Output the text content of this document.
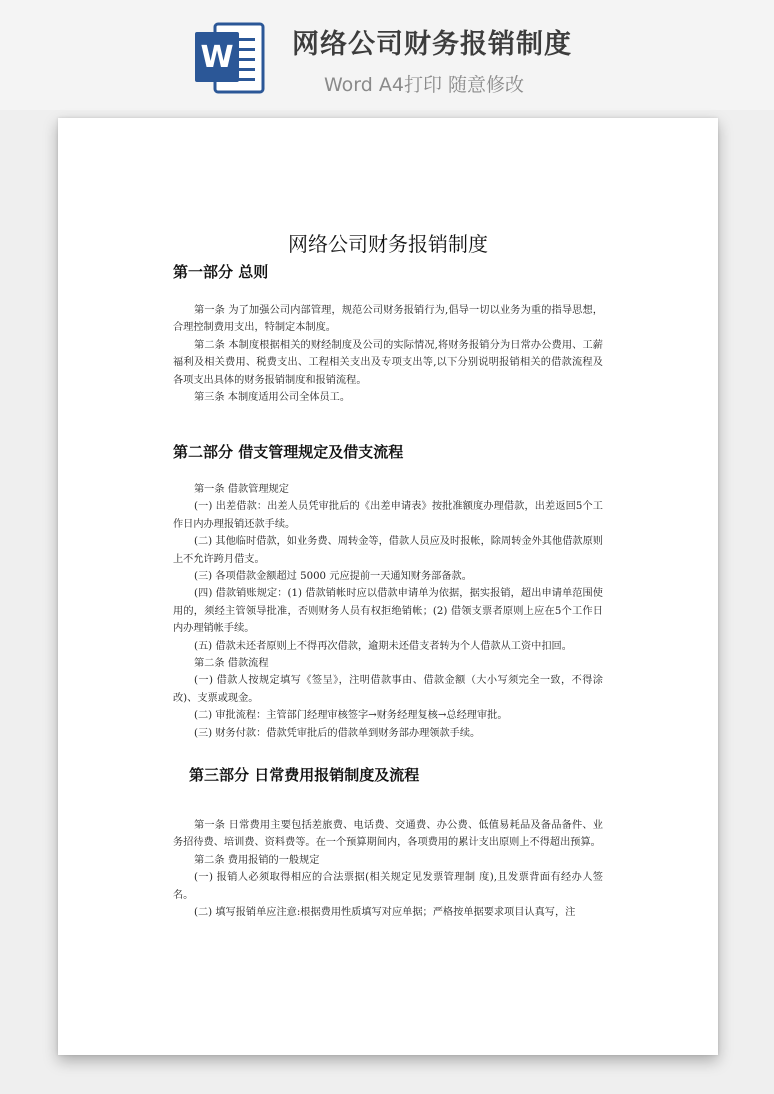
W 网络公司财务报销制度
Word A4打印 随意修改

网络公司财务报销制度
第一部分 总则

第一条 为了加强公司内部管理，规范公司财务报销行为,倡导一切以业务为重的指导思想，合理控制费用支出，特制定本制度。

第二条 本制度根据相关的财经制度及公司的实际情况,将财务报销分为日常办公费用、工薪福利及相关费用、税费支出、工程相关支出及专项支出等,以下分别说明报销相关的借款流程及各项支出具体的财务报销制度和报销流程。

第三条 本制度适用公司全体员工。

第二部分 借支管理规定及借支流程

第一条 借款管理规定

(一) 出差借款：出差人员凭审批后的《出差申请表》按批准额度办理借款，出差返回5个工作日内办理报销还款手续。

(二) 其他临时借款，如业务费、周转金等，借款人员应及时报帐，除周转金外其他借款原则上不允许跨月借支。

(三) 各项借款金额超过 5000 元应提前一天通知财务部备款。

(四) 借款销账规定：(1) 借款销帐时应以借款申请单为依据，据实报销，超出申请单范围使用的，须经主管领导批准，否则财务人员有权拒绝销帐；(2) 借领支票者原则上应在5个工作日内办理销帐手续。

(五) 借款未还者原则上不得再次借款，逾期未还借支者转为个人借款从工资中扣回。

第二条 借款流程

(一) 借款人按规定填写《签呈》，注明借款事由、借款金额（大小写须完全一致，不得涂改)、支票或现金。

(二) 审批流程：主管部门经理审核签字→财务经理复核→总经理审批。

(三) 财务付款：借款凭审批后的借款单到财务部办理领款手续。

第三部分 日常费用报销制度及流程

第一条 日常费用主要包括差旅费、电话费、交通费、办公费、低值易耗品及备品备件、业务招待费、培训费、资料费等。在一个预算期间内，各项费用的累计支出原则上不得超出预算。

第二条 费用报销的一般规定

(一) 报销人必须取得相应的合法票据(相关规定见发票管理制 度),且发票背面有经办人签名。

(二) 填写报销单应注意:根据费用性质填写对应单据；严格按单据要求项目认真写，注
